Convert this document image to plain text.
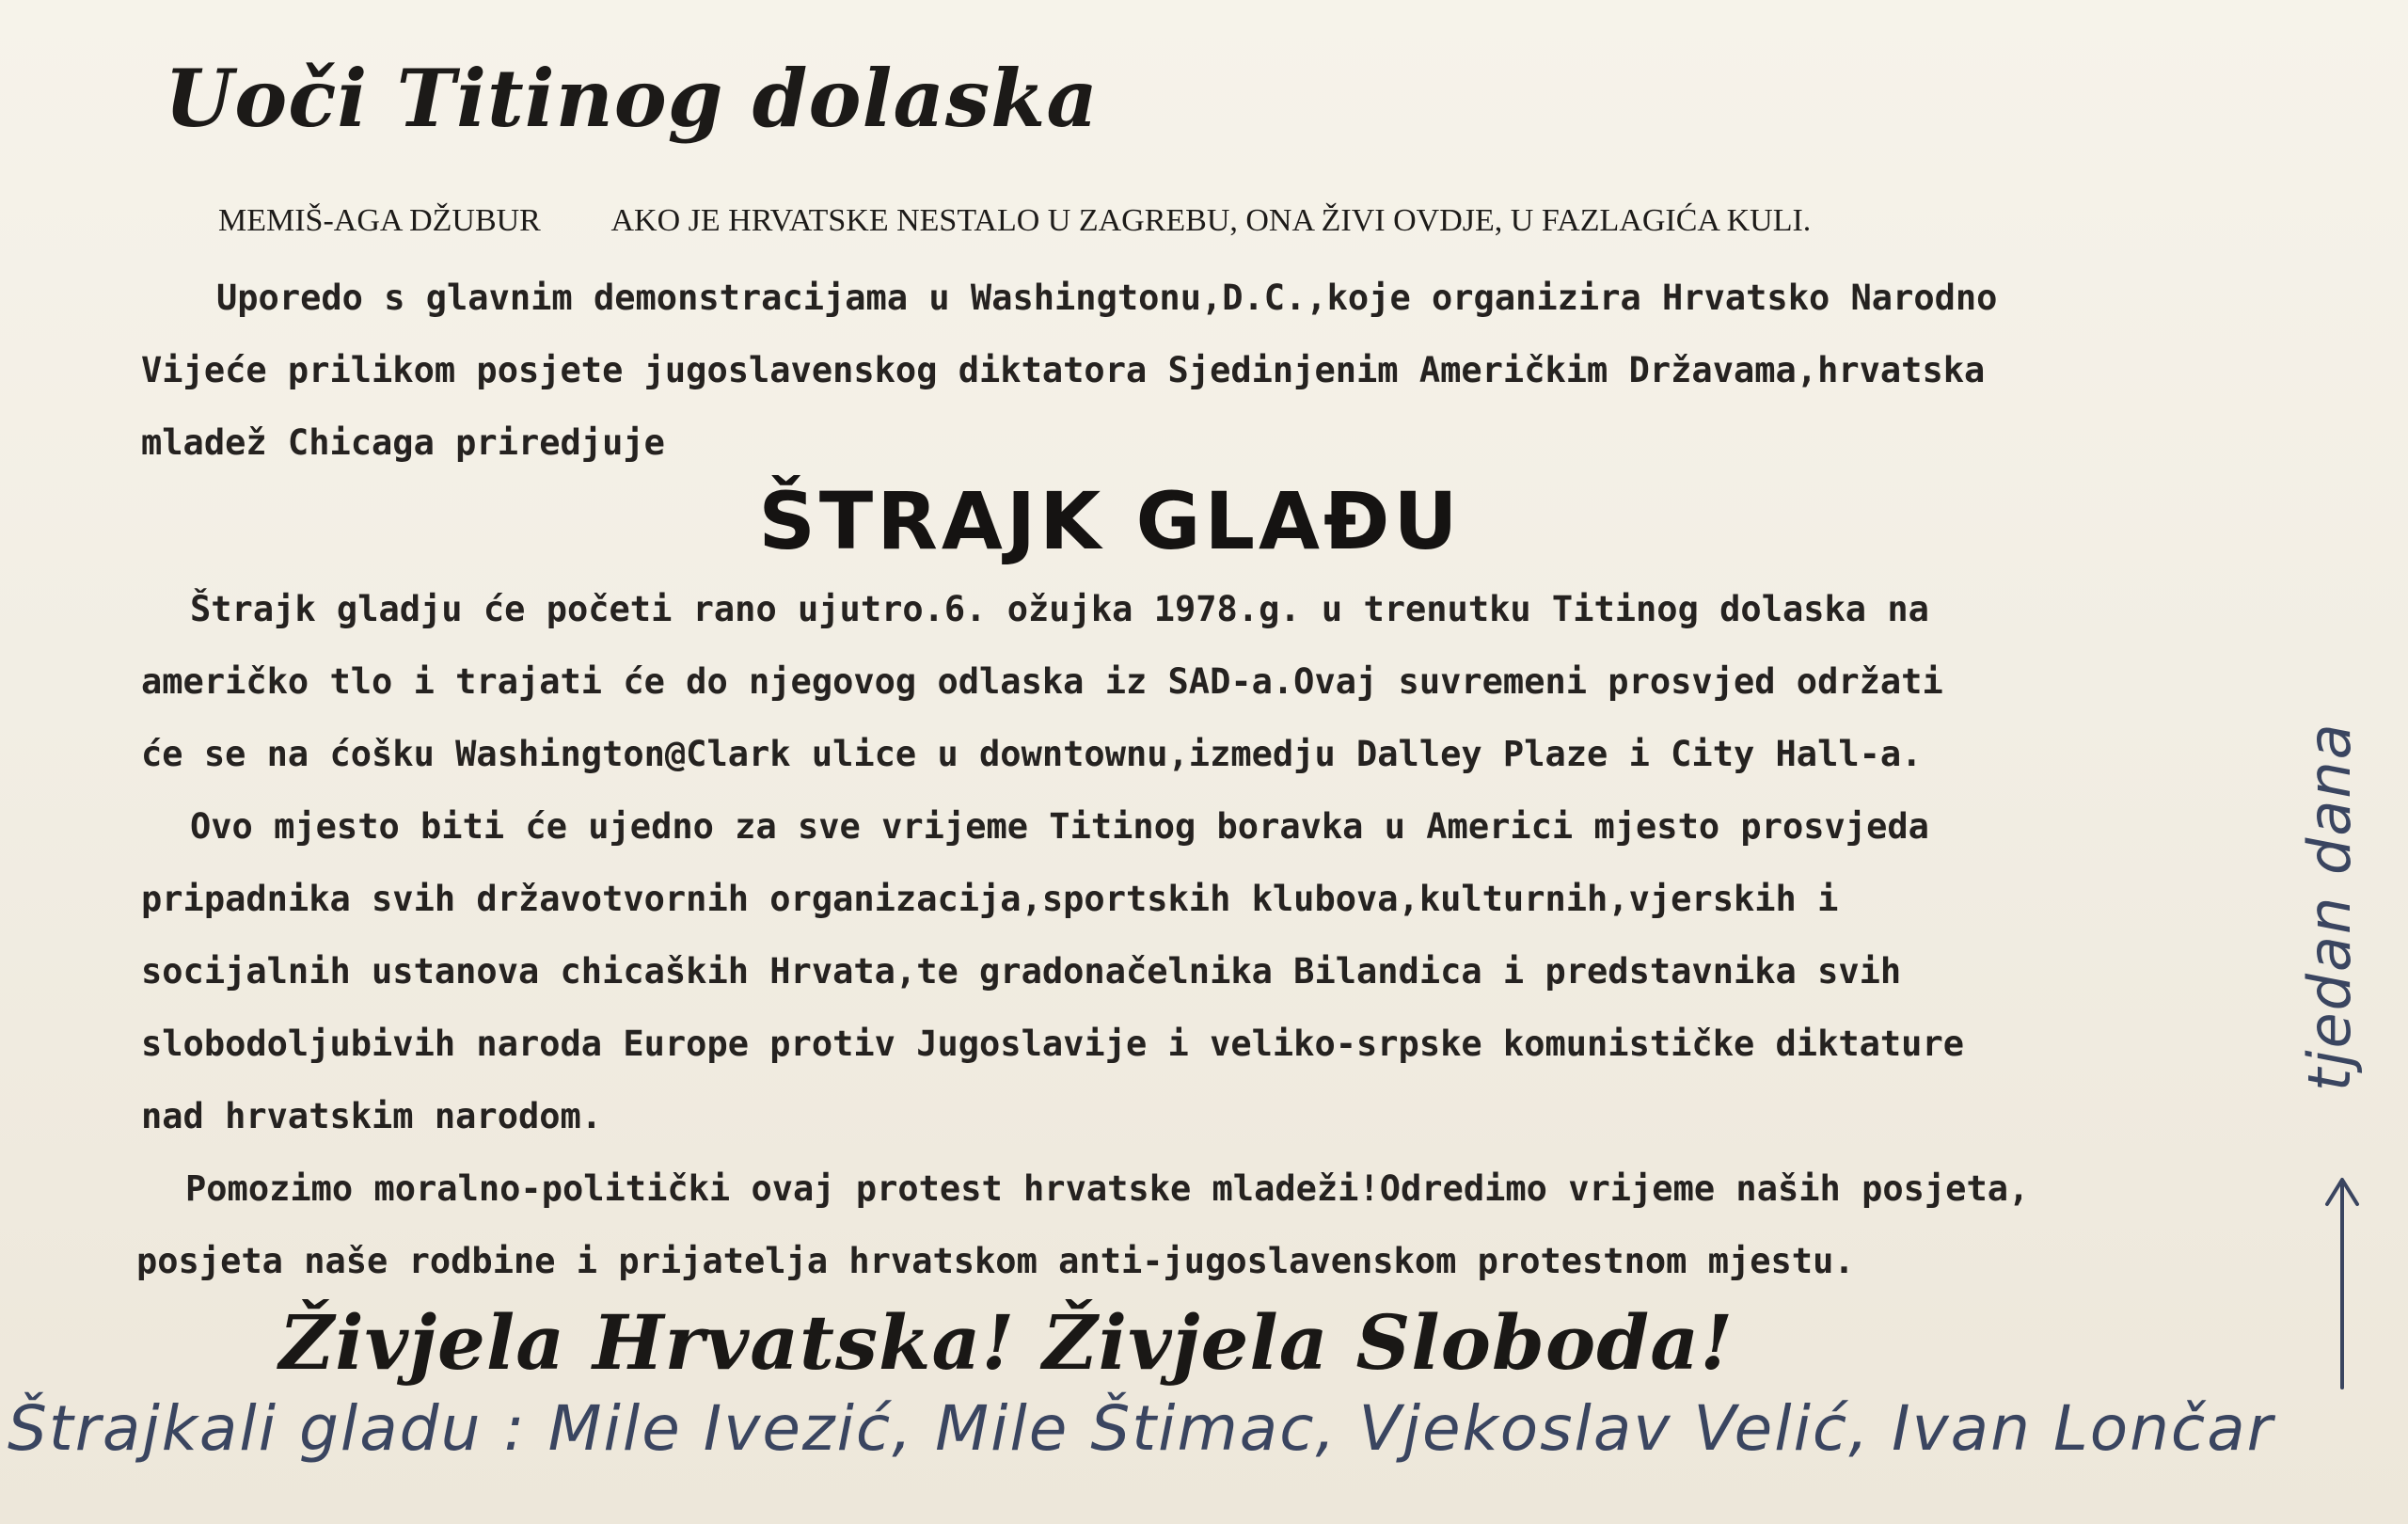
Uoči Titinog dolaska
MEMIŠ-AGA DŽUBUR AKO JE HRVATSKE NESTALO U ZAGREBU, ONA ŽIVI OVDJE, U FAZLAGIĆA KULI.
Uporedo s glavnim demonstracijama u Washingtonu,D.C.,koje organizira Hrvatsko Narodno
Vijeće prilikom posjete jugoslavenskog diktatora Sjedinjenim Američkim Državama,hrvatska
mladež Chicaga priredjuje
ŠTRAJK GLAĐU
Štrajk gladju će početi rano ujutro.6. ožujka 1978.g. u trenutku Titinog dolaska na
američko tlo i trajati će do njegovog odlaska iz SAD-a.Ovaj suvremeni prosvjed održati
će se na ćošku Washington@Clark ulice u downtownu,izmedju Dalley Plaze i City Hall-a.
Ovo mjesto biti će ujedno za sve vrijeme Titinog boravka u Americi mjesto prosvjeda
pripadnika svih državotvornih organizacija,sportskih klubova,kulturnih,vjerskih i
socijalnih ustanova chicaških Hrvata,te gradonačelnika Bilandica i predstavnika svih
slobodoljubivih naroda Europe protiv Jugoslavije i veliko-srpske komunističke diktature
nad hrvatskim narodom.
Pomozimo moralno-politički ovaj protest hrvatske mladeži!Odredimo vrijeme naših posjeta,
posjeta naše rodbine i prijatelja hrvatskom anti-jugoslavenskom protestnom mjestu.
Živjela Hrvatska! Živjela Sloboda!
Štrajkali gladu : Mile Ivezić, Mile Štimac, Vjekoslav Velić, Ivan Lončar
tjedan dana
